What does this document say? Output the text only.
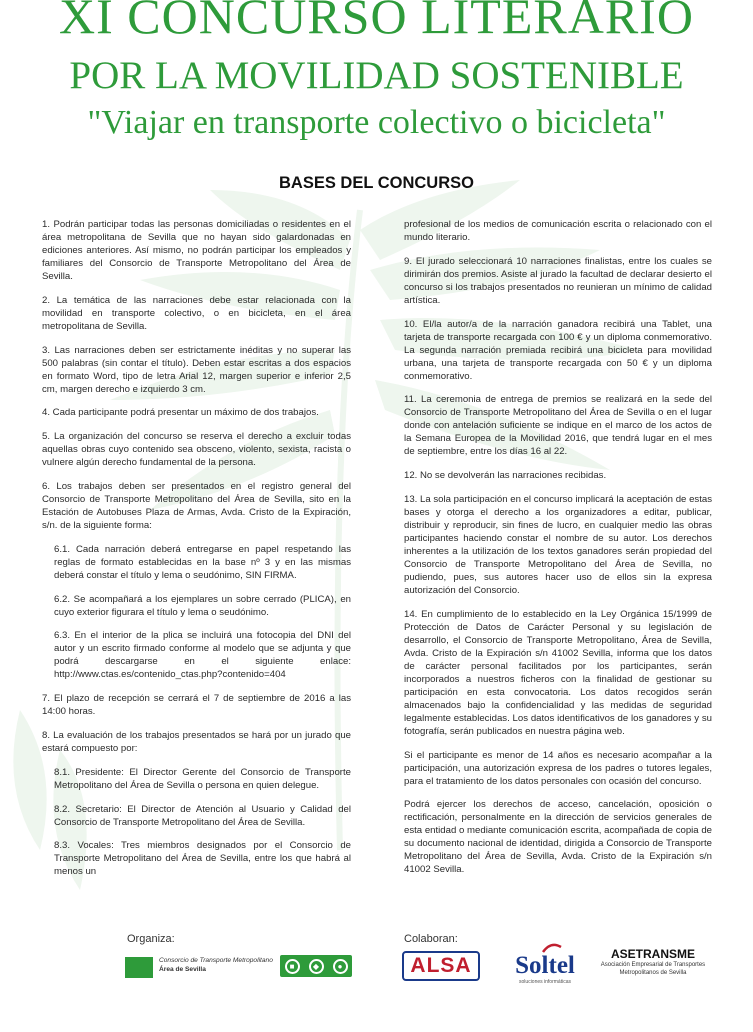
XI CONCURSO LITERARIO
POR LA MOVILIDAD SOSTENIBLE
"Viajar en transporte colectivo o bicicleta"
BASES DEL CONCURSO

1. Podrán participar todas las personas domiciliadas o residentes en el área metropolitana de Sevilla que no hayan sido galardonadas en ediciones anteriores. Así mismo, no podrán participar los empleados y familiares del Consorcio de Transporte Metropolitano del Área de Sevilla.

2. La temática de las narraciones debe estar relacionada con la movilidad en transporte colectivo, o en bicicleta, en el área metropolitana de Sevilla.

3. Las narraciones deben ser estrictamente inéditas y no superar las 500 palabras (sin contar el título). Deben estar escritas a dos espacios en formato Word, tipo de letra Arial 12, margen superior e inferior 2,5 cm, margen derecho e izquierdo 3 cm.

4. Cada participante podrá presentar un máximo de dos trabajos.

5. La organización del concurso se reserva el derecho a excluir todas aquellas obras cuyo contenido sea obsceno, violento, sexista, racista o vulnere algún derecho fundamental de la persona.

6. Los trabajos deben ser presentados en el registro general del Consorcio de Transporte Metropolitano del Área de Sevilla, sito en la Estación de Autobuses Plaza de Armas, Avda. Cristo de la Expiración, s/n. de la siguiente forma:

6.1. Cada narración deberá entregarse en papel respetando las reglas de formato establecidas en la base nº 3 y en las mismas deberá constar el título y lema o seudónimo, SIN FIRMA.

6.2. Se acompañará a los ejemplares un sobre cerrado (PLICA), en cuyo exterior figurara el título y lema o seudónimo.

6.3. En el interior de la plica se incluirá una fotocopia del DNI del autor y un escrito firmado conforme al modelo que se adjunta y que podrá descargarse en el siguiente enlace: http://www.ctas.es/contenido_ctas.php?contenido=404

7. El plazo de recepción se cerrará el 7 de septiembre de 2016 a las 14:00 horas.

8. La evaluación de los trabajos presentados se hará por un jurado que estará compuesto por:

8.1. Presidente: El Director Gerente del Consorcio de Transporte Metropolitano del Área de Sevilla o persona en quien delegue.

8.2. Secretario: El Director de Atención al Usuario y Calidad del Consorcio de Transporte Metropolitano del Área de Sevilla.

8.3. Vocales: Tres miembros designados por el Consorcio de Transporte Metropolitano del Área de Sevilla, entre los que habrá al menos un

profesional de los medios de comunicación escrita o relacionado con el mundo literario.

9. El jurado seleccionará 10 narraciones finalistas, entre los cuales se dirimirán dos premios. Asiste al jurado la facultad de declarar desierto el concurso si los trabajos presentados no reunieran un mínimo de calidad artística.

10. El/la autor/a de la narración ganadora recibirá una Tablet, una tarjeta de transporte recargada con 100 € y un diploma conmemorativo. La segunda narración premiada recibirá una bicicleta para movilidad urbana, una tarjeta de transporte recargada con 50 € y un diploma conmemorativo.

11. La ceremonia de entrega de premios se realizará en la sede del Consorcio de Transporte Metropolitano del Área de Sevilla o en el lugar donde con antelación suficiente se indique en el marco de los actos de la Semana Europea de la Movilidad 2016, que tendrá lugar en el mes de septiembre, entre los días 16 al 22.

12. No se devolverán las narraciones recibidas.

13. La sola participación en el concurso implicará la aceptación de estas bases y otorga el derecho a los organizadores a editar, publicar, distribuir y reproducir, sin fines de lucro, en cualquier medio las obras participantes haciendo constar el nombre de su autor. Los derechos inherentes a la utilización de los textos ganadores serán propiedad del Consorcio de Transporte Metropolitano del Área de Sevilla, no pudiendo, pues, sus autores hacer uso de ellos sin la expresa autorización del Consorcio.

14. En cumplimiento de lo establecido en la Ley Orgánica 15/1999 de Protección de Datos de Carácter Personal y su legislación de desarrollo, el Consorcio de Transporte Metropolitano, Área de Sevilla, Avda. Cristo de la Expiración s/n 41002 Sevilla, informa que los datos de carácter personal facilitados por los participantes, serán incorporados a nuestros ficheros con la finalidad de gestionar su participación en esta convocatoria. Los datos recogidos serán almacenados bajo la confidencialidad y las medidas de seguridad legalmente establecidas. Los datos identificativos de los ganadores y su fotografía, serán publicados en nuestra página web.

Si el participante es menor de 14 años es necesario acompañar a la participación, una autorización expresa de los padres o tutores legales, para el tratamiento de los datos personales con ocasión del concurso.

Podrá ejercer los derechos de acceso, cancelación, oposición o rectificación, personalmente en la dirección de servicios generales de esta entidad o mediante comunicación escrita, acompañada de copia de su documento nacional de identidad, dirigida a Consorcio de Transporte Metropolitano del Área de Sevilla, Avda. Cristo de la Expiración s/n 41002 Sevilla.

Organiza:
Consorcio de Transporte Metropolitano
Área de Sevilla	■	◆	●
Colaboran:
ALSA	Soltel
soluciones informáticas
ASETRANSME
Asociación Empresarial de Transportes Metropolitanos de Sevilla
